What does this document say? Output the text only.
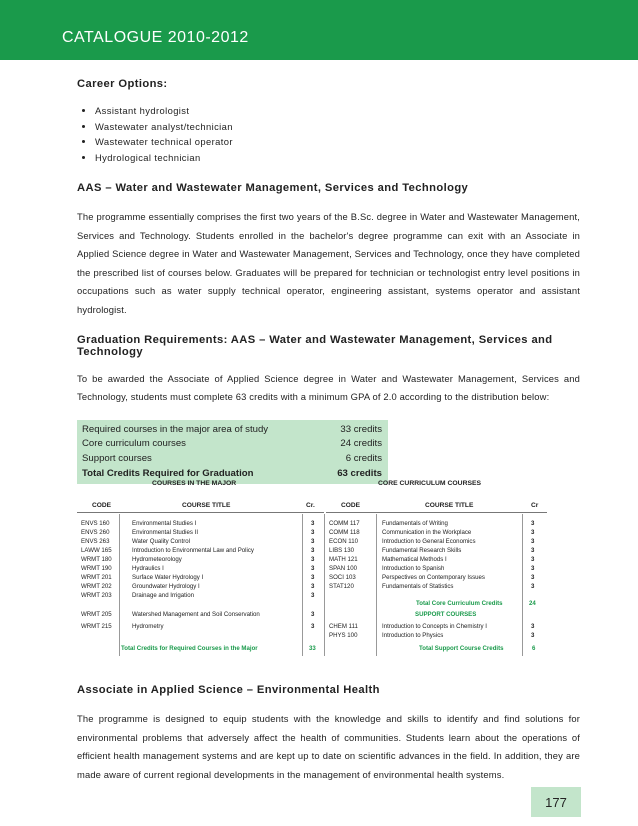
CATALOGUE 2010-2012
Career Options:
• Assistant hydrologist
• Wastewater analyst/technician
• Wastewater technical operator
• Hydrological technician
AAS – Water and Wastewater Management, Services and Technology

The programme essentially comprises the first two years of the B.Sc. degree in Water and Wastewater Management, Services and Technology. Students enrolled in the bachelor's degree programme can exit with an Associate in Applied Science degree in Water and Wastewater Management, Services and Technology, once they have completed the prescribed list of courses below. Graduates will be prepared for technician or technologist entry level positions in occupations such as water supply technical operator, engineering assistant, systems operator and assistant hydrologist.

Graduation Requirements: AAS – Water and Wastewater Management, Services and Technology

To be awarded the Associate of Applied Science degree in Water and Wastewater Management, Services and Technology, students must complete 63 credits with a minimum GPA of 2.0 according to the distribution below:

Required courses in the major area of study	33 credits
Core curriculum courses	24 credits
Support courses	6 credits
Total Credits Required for Graduation	63 credits
COURSES IN THE MAJOR	CORE CURRICULUM COURSES
CODE	COURSE TITLE	Cr.	CODE	COURSE TITLE	Cr
ENVS 160	Environmental Studies I	3
ENVS 260	Environmental Studies II	3
ENVS 263	Water Quality Control	3
LAWW 165	Introduction to Environmental Law and Policy	3
WRMT 180	Hydrometeorology	3
WRMT 190	Hydraulics I	3
WRMT 201	Surface Water Hydrology I	3
WRMT 202	Groundwater Hydrology I	3
WRMT 203	Drainage and Irrigation	3
WRMT 205	Watershed Management and Soil Conservation	3
WRMT 215	Hydrometry	3
COMM 117	Fundamentals of Writing	3
COMM 118	Communication in the Workplace	3
ECON 110	Introduction to General Economics	3
LIBS 130	Fundamental Research Skills	3
MATH 121	Mathematical Methods I	3
SPAN 100	Introduction to Spanish	3
SOCI 103	Perspectives on Contemporary Issues	3
STAT120	Fundamentals of Statistics	3
CHEM 111	Introduction to Concepts in Chemistry I	3
PHYS 100	Introduction to Physics	3
Total Credits for Required Courses in the Major	33
Total Core Curriculum Credits	24
SUPPORT COURSES
Total Support Course Credits	6
Associate in Applied Science – Environmental Health

The programme is designed to equip students with the knowledge and skills to identify and find solutions for environmental problems that adversely affect the health of communities. Students learn about the operations of efficient health management systems and are kept up to date on scientific advances in the field. In addition, they are made aware of current regional developments in the management of environmental health systems.

177
